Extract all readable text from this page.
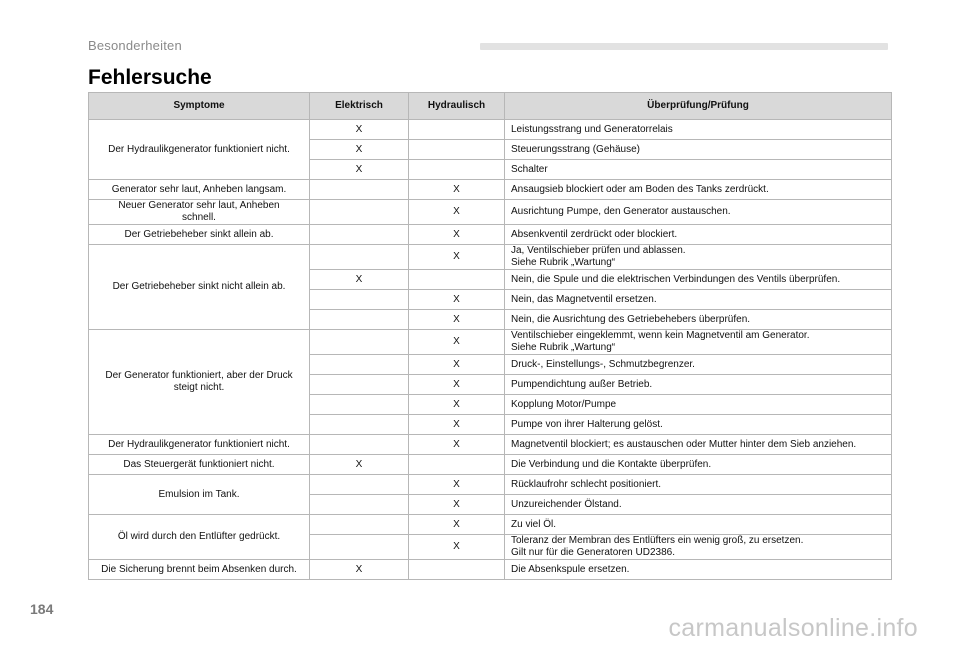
Besonderheiten
Fehlersuche
Symptome	Elektrisch	Hydraulisch	Überprüfung/Prüfung

Der Hydraulikgenerator funktioniert nicht.	X		Leistungsstrang und Generatorrelais

	X		Steuerungsstrang (Gehäuse)

	X		Schalter

Generator sehr laut, Anheben langsam.		X	Ansaugsieb blockiert oder am Boden des Tanks zerdrückt.

Neuer Generator sehr laut, Anheben
schnell.		X	Ausrichtung Pumpe, den Generator austauschen.

Der Getriebeheber sinkt allein ab.		X	Absenkventil zerdrückt oder blockiert.

Der Getriebeheber sinkt nicht allein ab.		X	Ja, Ventilschieber prüfen und ablassen.
Siehe Rubrik „Wartung“

	X		Nein, die Spule und die elektrischen Verbindungen des Ventils überprüfen.

		X	Nein, das Magnetventil ersetzen.

		X	Nein, die Ausrichtung des Getriebehebers überprüfen.

Der Generator funktioniert, aber der Druck
steigt nicht.		X	Ventilschieber eingeklemmt, wenn kein Magnetventil am Generator.
Siehe Rubrik „Wartung“

		X	Druck-, Einstellungs-, Schmutzbegrenzer.

		X	Pumpendichtung außer Betrieb.

		X	Kopplung Motor/Pumpe

		X	Pumpe von ihrer Halterung gelöst.

Der Hydraulikgenerator funktioniert nicht.		X	Magnetventil blockiert; es austauschen oder Mutter hinter dem Sieb anziehen.

Das Steuergerät funktioniert nicht.	X		Die Verbindung und die Kontakte überprüfen.

Emulsion im Tank.		X	Rücklaufrohr schlecht positioniert.

		X	Unzureichender Ölstand.

Öl wird durch den Entlüfter gedrückt.		X	Zu viel Öl.

		X	Toleranz der Membran des Entlüfters ein wenig groß, zu ersetzen.
Gilt nur für die Generatoren UD2386.

Die Sicherung brennt beim Absenken durch.	X		Die Absenkspule ersetzen.
184
carmanualsonline.info
